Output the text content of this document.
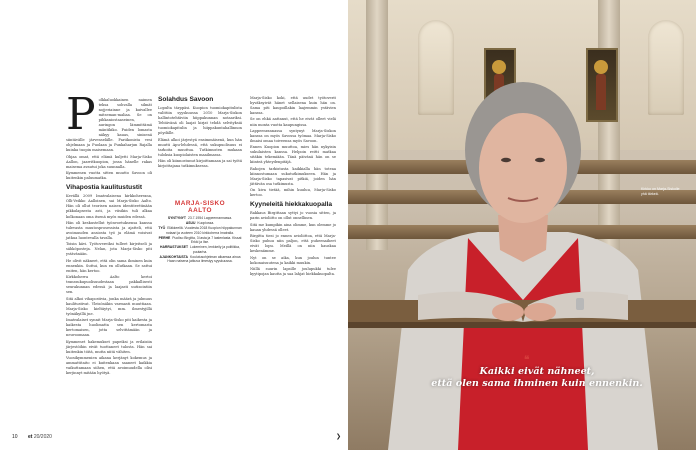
P olkkaluokkainen naimen teksa sohvalla silmät nojjeriainne ja kuivallee mitseman-maliaa. Se on pihkaniostaaseinen, auringon lämmittämä mäntikiko. Puiden lomasta näkyy kauas, sinisenä siintävälle järvenselälle. Pariikonista vesi ohjelmaan ja Puolaan ja Punkaharjun Rajalla kuinka tuopin maisemaan.

Ohjaa omat, että elämä kuljetti Marja-Sisko Aallon, jaarritkuopion, jossa hänelle rakas maisema avautui joka suunnalla.

Kymmenen vuotta sitten muutto Savoon oli kuitenkin paluumatka.

Vihapostia kaulitustustit

Kevällä 2009 Imatralaisena kirkkoherrana, Olli-Veikko Aalloinen, sai Marja-Sisko Aalto. Hän oli ollut teorisen naisen identiteettinään pikkulapsesta asti, ja viisikin tuli alkaa kolkonaan oma itsenä myös muiden edessä.

Hän oli keskustellut työnvoetuksensa kanssa tulevasta muutosprosessista ja ajatteli, että avoimuuden ansiosta työ ja elämä voisivat jatkua luontevalla tavalla.

Toisin kävi. Työtovereiksi tulleet kirjeitseli ja sähköposteja. Nelan, jota Marja-Sisko piti ystävänään.

He olivit näkneet, että olin sama ihminen kuin ennenkin. Suttui, kun en ollutkaan. Se sattui eniten, hän kertoo.

Kirkkoherra Aalto kertoi transsukupuolisuudestaan pakkallisesti seurakunnan edessä ja laajasti uutisointiin sen.

Sitä alkoi vihapostivia, jonka määrä ja julmuus kaulitustivat. Yleisönäkin varmasti muuttiaan. Marja-Sisko kieltäytyi, mm. ilmestyjillä työnäkyillä jne.

Imatralaiset synnit Marja-Sisko piti kaikesta ja kaikesta huolimatta sen kertomasta kertomaisen, jotta selvittämään ja neuvoomaan.

Kymmenet hakemukset papeiksi ja erilaisiin järjestöihin eivät tuottaneet tulosta. Hän sai kuitenkin töitä, mutta niitä vähiten.

Vuosikymmenien aikana kerjänyt kokemus ja ammattitaito ei kuitenkaan saaneet kaikkia vaikuttamaan siihen, että avoimuudella olisi kerjinnyt mitään hyötyä.

Solahdus Savoon

Lopulta tärppäsi. Kuopion tuomiokapitulista valittiin syyskuussa 2010 Marja-Siskon hallintotehtäviin hiippakunnan notaariksi. Tehtävänä oli laajat kirjat tehdä selvityksiä tuomiokapitulin ja hiippakuntahallinnon pöydälle.

Elämä alkoi järjestyä ensimmäisenä, kun hän muutti Apu-lehdessä, että sukupuolisuus ei tarkoita muuttua. Tutkimusten mukaan tuloksia kuopiolaisten maailmassa.

Hän oli kiinnostunut kirjoittamaan ja sai työtä kirjoittajana tutkimuksessa.

MARJA-SISKO
AALTO
SYNTYNYT 23.7.1954 Lappeenrannassa.
ASUU Kuopiossa.
TYÖ Eläkkeellä. Vuodesta 2018 Kuopion hiippakunnan notaari ja vuoteen 2010 kirkkoherra Imatralla.
PERHE Puoliso Birgitta, 3 lasta ja 7 lastenlasta. Kissat Erkki ja Ilse.
HARRASTUKSET Lukeminen, lenkkeily ja politiikka, puutarha.
AJANKOHTAISTA Koulutusohjelman alkaessa ainoa Haan naisena jatkuva ilmestyy syyskuussa.

Marja-Sisko koki, että uudet työtoverit hyväksyivät hänet sellaisena kuin hän on. Sama piti kaupoillakin laajemmin ystävien kanssa.

Se on ehkä aattanut, että he eivät olleet vielä niin monta vuotta kaupungissa.

Lappeenrannassa syntynyt Marja-Siskon kanssa on myös Savossa työmaa. Marja-Sisko ilmaisi omaa toiveensa myös Savoon.

Ennen Kuopion muuttoa, mies hän nykyisin sukulaisten kanssa. Helpoin reitti matkaa sitäkin tekemiään. Tänä päivänä hän on se kiinteä yhteydenpitäjä.

Rahojen tarkistusta kaikkialla hän toteaa kiinnostumaan sukututkimukseen. Hän ja Marja-Sisko tapasivat pitkiä, joiden hän jättävän osa tutkimusta.

On kiva tietää, mihin kuuluu, Marja-Sisko kertoo.

Kyyneleitä hiekkakuopalla

Rakkaus Birgittaan syttyi jo vuosia sitten, ja parin avioliitto on ollut onnellinen.

Sitä me kumpikin aina olimme, kun olemme jo kauan yhdessä olleet.

Birgitta tiesi jo ennen avioliittoa, että Marja-Sisko puhuu niin paljon, että puheenaiheet eivät lopu. Meillä on niin hauskaa keskenämme.

Nyt on se aika, kun joulun tuntee kokonaisuutena ja kaikki muukin.

Niillä suurin lapsille joulupukki tulee kyytipojan kautta ja saa lahjat hiekkakuopalta.

10 et 20/2020	❯
Kirkko on Marja-Siskolle yhä tärkeä.
❝
Kaikki eivät nähneet,
että olen sama ihminen kuin ennenkin.
